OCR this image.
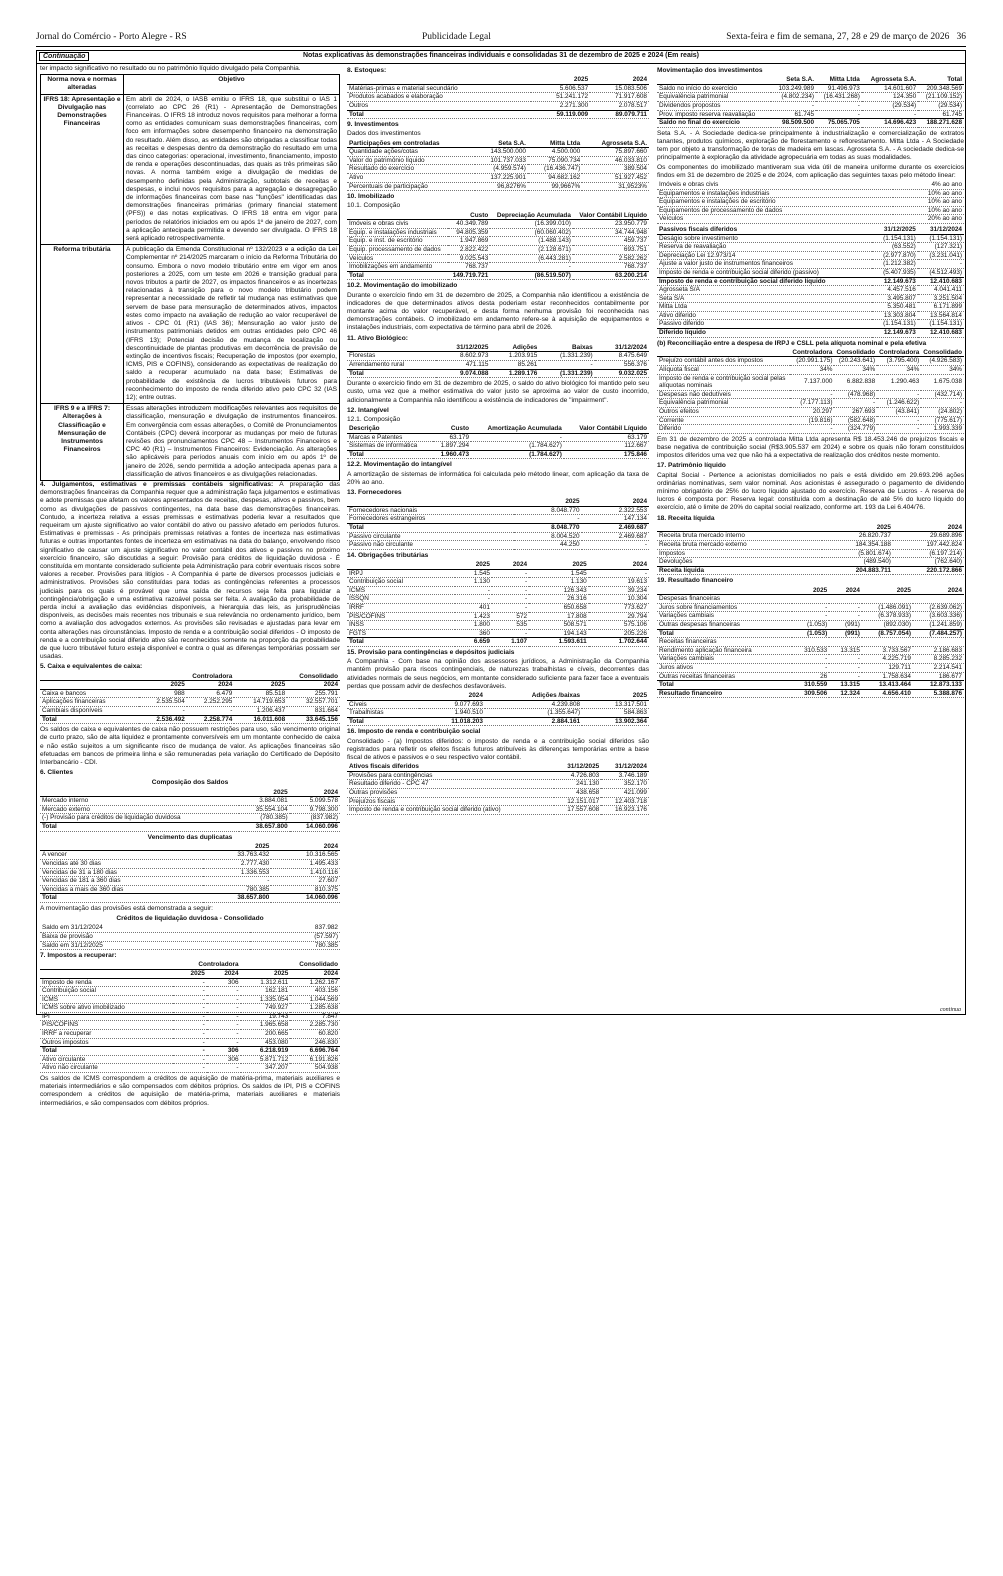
Jornal do Comércio - Porto Alegre - RS	Publicidade Legal	Sexta-feira e fim de semana, 27, 28 e 29 de março de 2026 36
Continuação	Notas explicativas às demonstrações financeiras individuais e consolidadas 31 de dezembro de 2025 e 2024 (Em reais)

ter impacto significativo no resultado ou no patrimônio líquido divulgado pela Companhia.

Norma nova e normas alteradas	Objetivo
IFRS 18: Apresentação e Divulgação nas Demonstrações Financeiras	Em abril de 2024, o IASB emitiu o IFRS 18, que substitui o IAS 1 (correlato ao CPC 26 (R1) - Apresentação de Demonstrações Financeiras. O IFRS 18 introduz novos requisitos para melhorar a forma como as entidades comunicam suas demonstrações financeiras, com foco em informações sobre desempenho financeiro na demonstração do resultado. Além disso, as entidades são obrigadas a classificar todas as receitas e despesas dentro da demonstração do resultado em uma das cinco categorias: operacional, investimento, financiamento, imposto de renda e operações descontinuadas, das quais as três primeiras são novas. A norma também exige a divulgação de medidas de desempenho definidas pela Administração, subtotais de receitas e despesas, e inclui novos requisitos para a agregação e desagregação de informações financeiras com base nas "funções" identificadas das demonstrações financeiras primárias (primary financial statement (PFS)) e das notas explicativas. O IFRS 18 entra em vigor para períodos de relatórios iniciados em ou após 1º de janeiro de 2027, com a aplicação antecipada permitida e devendo ser divulgada. O IFRS 18 será aplicado retrospectivamente.
Reforma tributária	A publicação da Emenda Constitucional nº 132/2023 e a edição da Lei Complementar nº 214/2025 marcaram o início da Reforma Tributária do consumo. Embora o novo modelo tributário entre em vigor em anos posteriores a 2025, com um teste em 2026 e transição gradual para novos tributos a partir de 2027, os impactos financeiros e as incertezas relacionadas à transição para o novo modelo tributário podem representar a necessidade de refletir tal mudança nas estimativas que servem de base para mensuração de determinados ativos, impactos estes como impacto na avaliação de redução ao valor recuperável de ativos - CPC 01 (R1) (IAS 36); Mensuração ao valor justo de instrumentos patrimoniais detidos em outras entidades pelo CPC 46 (IFRS 13); Potencial decisão de mudança de localização ou descontinuidade de plantas produtivas em decorrência de previsão de extinção de incentivos fiscais; Recuperação de impostos (por exemplo, ICMS, PIS e COFINS), considerando as expectativas de realização do saldo a recuperar acumulado na data base; Estimativas de probabilidade de existência de lucros tributáveis futuros para reconhecimento do imposto de renda diferido ativo pelo CPC 32 (IAS 12); entre outras.
IFRS 9 e a IFRS 7: Alterações à Classificação e Mensuração de Instrumentos Financeiros	Essas alterações introduzem modificações relevantes aos requisitos de classificação, mensuração e divulgação de instrumentos financeiros. Em convergência com essas alterações, o Comitê de Pronunciamentos Contábeis (CPC) deverá incorporar as mudanças por meio de futuras revisões dos pronunciamentos CPC 48 – Instrumentos Financeiros e CPC 40 (R1) – Instrumentos Financeiros: Evidenciação. As alterações são aplicáveis para períodos anuais com início em ou após 1º de janeiro de 2026, sendo permitida a adoção antecipada apenas para a classificação de ativos financeiros e as divulgações relacionadas.

4. Julgamentos, estimativas e premissas contábeis significativas: A preparação das demonstrações financeiras da Companhia requer que a administração faça julgamentos e estimativas e adote premissas que afetam os valores apresentados de receitas, despesas, ativos e passivos, bem como as divulgações de passivos contingentes, na data base das demonstrações financeiras. Contudo, a incerteza relativa a essas premissas e estimativas poderia levar a resultados que requeiram um ajuste significativo ao valor contábil do ativo ou passivo afetado em períodos futuros. Estimativas e premissas - As principais premissas relativas a fontes de incerteza nas estimativas futuras e outras importantes fontes de incerteza em estimativas na data do balanço, envolvendo risco significativo de causar um ajuste significativo no valor contábil dos ativos e passivos no próximo exercício financeiro, são discutidas a seguir: Provisão para créditos de liquidação duvidosa - É constituída em montante considerado suficiente pela Administração para cobrir eventuais riscos sobre valores a receber. Provisões para litígios - A Companhia é parte de diversos processos judiciais e administrativos. Provisões são constituídas para todas as contingências referentes a processos judiciais para os quais é provável que uma saída de recursos seja feita para liquidar a contingência/obrigação e uma estimativa razoável possa ser feita. A avaliação da probabilidade de perda inclui a avaliação das evidências disponíveis, a hierarquia das leis, as jurisprudências disponíveis, as decisões mais recentes nos tribunais e sua relevância no ordenamento jurídico, bem como a avaliação dos advogados externos. As provisões são revisadas e ajustadas para levar em conta alterações nas circunstâncias. Imposto de renda e a contribuição social diferidos - O imposto de renda e a contribuição social diferido ativo são reconhecidos somente na proporção da probabilidade de que lucro tributável futuro esteja disponível e contra o qual as diferenças temporárias possam ser usadas.

5. Caixa e equivalentes de caixa:
	Controladora		Consolidado	
	2025	2024	2025	2024
Caixa e bancos	988	6.479	85.518	255.791
Aplicações financeiras	2.535.504	2.252.295	14.719.653	32.557.701
Cambiais disponíveis	-	-	1.206.437	831.664
Total	2.536.492	2.258.774	16.011.608	33.645.156

Os saldos de caixa e equivalentes de caixa não possuem restrições para uso, são vencimento original de curto prazo, são de alta liquidez e prontamente conversíveis em um montante conhecido de caixa e não estão sujeitos a um significante risco de mudança de valor. As aplicações financeiras são efetuadas em bancos de primeira linha e são remuneradas pela variação do Certificado de Depósito Interbancário - CDI.

6. Clientes
Composição dos Saldos
	2025	2024
Mercado interno	3.884.081	5.099.578
Mercado externo	35.554.104	9.798.300
(-) Provisão para créditos de liquidação duvidosa	(780.385)	(837.982)
Total	38.657.800	14.060.096
Vencimento das duplicatas
	2025	2024
A vencer	33.763.432	10.316.565
Vencidas até 30 dias	2.777.430	1.495.433
Vencidas de 31 a 180 dias	1.336.553	1.410.116
Vencidas de 181 a 360 dias	-	27.607
Vencidas a mais de 360 dias	780.385	810.375
Total	38.657.800	14.060.096

A movimentação das provisões está demonstrada a seguir:

Créditos de liquidação duvidosa - Consolidado
Saldo em 31/12/2024	837.982
Baixa de provisão	(57.597)
Saldo em 31/12/2025	780.385
7. Impostos a recuperar:
	Controladora		Consolidado	
	2025	2024	2025	2024
Imposto de renda	-	306	1.312.611	1.262.167
Contribuição social	-	-	162.181	403.156
ICMS	-	-	1.335.054	1.044.569
ICMS sobre ativo imobilizado	-	-	749.927	1.285.638
IPI	-	-	19.743	7.847
PIS/COFINS	-	-	1.965.658	2.285.730
IRRF a recuperar	-	-	200.665	60.820
Outros impostos	-	-	453.080	246.830
Total	-	306	6.218.919	6.696.764
Ativo circulante	-	306	5.871.712	6.191.826
Ativo não circulante	-	-	347.207	504.938

Os saldos de ICMS correspondem a créditos de aquisição de matéria-prima, materiais auxiliares e materiais intermediários e são compensados com débitos próprios. Os saldos de IPI, PIS e COFINS correspondem a créditos de aquisição de matéria-prima, materiais auxiliares e materiais intermediários, e são compensados com débitos próprios.

8. Estoques:
	2025	2024
Matérias-primas e material secundário	5.606.537	15.083.506
Produtos acabados e elaboração	51.241.172	71.917.608
Outros	2.271.300	2.078.517
Total	59.119.009	89.079.711
9. Investimentos

Dados dos investimentos

Participações em controladas	Seta S.A.	Mitta Ltda	Agrosseta S.A.
Quantidade ações/cotas	143.500.000	4.500.000	75.897.660
Valor do patrimônio líquido	101.737.033	75.090.734	46.033.810
Resultado do exercício	(4.959.574)	(16.436.747)	389.504
Ativo	137.225.901	94.682.162	51.927.452
Percentuais de participação	96,8276%	99,9667%	31,9523%
10. Imobilizado

10.1. Composição

	Custo	Depreciação Acumulada	Valor Contábil Líquido
Imóveis e obras civis	40.349.789	(16.399.010)	23.950.779
Equip. e instalações industriais	94.805.359	(60.060.402)	34.744.948
Equip. e inst. de escritório	1.947.869	(1.488.143)	459.737
Equip. processamento de dados	2.822.422	(2.128.671)	693.751
Veículos	9.025.543	(6.443.281)	2.582.262
Imobilizações em andamento	768.737	-	768.737
Total	149.719.721	(86.519.507)	63.200.214
10.2. Movimentação do imobilizado

Durante o exercício findo em 31 de dezembro de 2025, a Companhia não identificou a existência de indicadores de que determinados ativos desta poderiam estar reconhecidos contabilmente por montante acima do valor recuperável, e desta forma nenhuma provisão foi reconhecida nas demonstrações contábeis. O imobilizado em andamento refere-se à aquisição de equipamentos e instalações industriais, com expectativa de término para abril de 2026.

11. Ativo Biológico:
	31/12/2025	Adições	Baixas	31/12/2024
Florestas	8.602.973	1.203.915	(1.331.239)	8.475.649
Arrendamento rural	471.115	85.261	-	556.376
Total	9.074.088	1.289.176	(1.331.239)	9.032.025

Durante o exercício findo em 31 de dezembro de 2025, o saldo do ativo biológico foi mantido pelo seu custo, uma vez que a melhor estimativa do valor justo se aproxima ao valor de custo incorrido, adicionalmente a Companhia não identificou a existência de indicadores de "impairment".

12. Intangível

12.1. Composição

Descrição	Custo	Amortização Acumulada	Valor Contábil Líquido
Marcas e Patentes	63.179	-	63.179
Sistemas de informática	1.897.294	(1.784.627)	112.667
Total	1.960.473	(1.784.627)	175.846
12.2. Movimentação do intangível

A amortização de sistemas de informática foi calculada pelo método linear, com aplicação da taxa de 20% ao ano.

13. Fornecedores
	2025	2024
Fornecedores nacionais	8.048.770	2.322.553
Fornecedores estrangeiros	-	147.134
Total	8.048.770	2.469.687
Passivo circulante	8.004.520	2.469.687
Passivo não circulante	44.250	-
14. Obrigações tributárias
	2025	2024	2025	2024
IRPJ	1.545	-	1.545	-
Contribuição social	1.130	-	1.130	19.613
ICMS	-	-	126.343	39.234
ISSQN	-	-	26.316	10.304
IRRF	401	-	650.658	773.627
PIS/COFINS	1.423	572	17.808	29.794
INSS	1.800	535	508.571	575.106
FGTS	360	-	194.143	205.226
Total	6.659	1.107	1.593.611	1.702.644
15. Provisão para contingências e depósitos judiciais

A Companhia - Com base na opinião dos assessores jurídicos, a Administração da Companhia mantém provisão para riscos contingenciais, de naturezas trabalhistas e cíveis, decorrentes das atividades normais de seus negócios, em montante considerado suficiente para fazer face a eventuais perdas que possam advir de desfechos desfavoráveis.

	2024	Adições /baixas	2025
Cíveis	9.077.693	4.239.808	13.317.501
Trabalhistas	1.940.510	(1.355.647)	584.863
Total	11.018.203	2.884.161	13.902.364
16. Imposto de renda e contribuição social

Consolidado - (a) Impostos diferidos: o imposto de renda e a contribuição social diferidos são registrados para refletir os efeitos fiscais futuros atribuíveis às diferenças temporárias entre a base fiscal de ativos e passivos e o seu respectivo valor contábil.

Ativos fiscais diferidos	31/12/2025	31/12/2024
Provisões para contingências	4.726.803	3.746.189
Resultado diferido - CPC 47	241.130	352.170
Outras provisões	438.658	421.099
Prejuízos fiscais	12.151.017	12.403.718
Imposto de renda e contribuição social diferido (ativo)	17.557.608	16.923.176
Movimentação dos investimentos
	Seta S.A.	Mitta Ltda	Agrosseta S.A.	Total
Saldo no início do exercício	103.249.989	91.496.973	14.601.607	209.348.569
Equivalência patrimonial	(4.802.234)	(16.431.268)	124.350	(21.109.152)
Dividendos propostos	-	-	(29.534)	(29.534)
Prov. imposto reserva reavaliação	61.745	-	-	61.745
Saldo no final do exercício	98.509.500	75.065.705	14.696.423	188.271.628

Seta S.A. - A Sociedade dedica-se principalmente à industrialização e comercialização de extratos tanantes, produtos químicos, exploração de florestamento e reflorestamento. Mitta Ltda - A Sociedade tem por objeto a transformação de toras de madeira em lascas. Agrosseta S.A. - A sociedade dedica-se principalmente à exploração da atividade agropecuária em todas as suas modalidades.

Os componentes do imobilizado mantiveram sua vida útil de maneira uniforme durante os exercícios findos em 31 de dezembro de 2025 e de 2024, com aplicação das seguintes taxas pelo método linear:

Imóveis e obras civis	4% ao ano
Equipamentos e instalações industriais	10% ao ano
Equipamentos e instalações de escritório	10% ao ano
Equipamentos de processamento de dados	10% ao ano
Veículos	20% ao ano
Passivos fiscais diferidos	31/12/2025	31/12/2024
Deságio sobre investimento	(1.154.131)	(1.154.131)
Reserva de reavaliação	(63.552)	(127.321)
Depreciação Lei 12.973/14	(2.977.870)	(3.231.041)
Ajuste a valor justo de instrumentos financeiros	(1.212.382)	-
Imposto de renda e contribuição social diferido (passivo)	(5.407.935)	(4.512.493)
Imposto de renda e contribuição social diferido líquido	12.149.673	12.410.683
Agrosseta S/A	4.457.516	4.041.411
Seta S/A	3.495.807	3.251.504
Mitta Ltda	5.350.481	6.171.899
Ativo diferido	13.303.804	13.564.814
Passivo diferido	(1.154.131)	(1.154.131)
Diferido líquido	12.149.673	12.410.683
(b) Reconciliação entre a despesa de IRPJ e CSLL pela alíquota nominal e pela efetiva
	Controladora	Consolidado	Controladora	Consolidado
Prejuízo contábil antes dos impostos	(20.991.175)	(20.243.641)	(3.795.400)	(4.926.583)
Alíquota fiscal	34%	34%	34%	34%
Imposto de renda e contribuição social pelas alíquotas nominais	7.137.000	6.882.838	1.290.463	1.675.038
Despesas não dedutíveis	-	(478.968)	-	(432.714)
Equivalência patrimonial	(7.177.113)	-	(1.246.622)	-
Outros efeitos	20.297	267.693	(43.841)	(24.802)
Corrente	(19.816)	(582.648)	-	(775.617)
Diferido	-	(324.779)	-	1.993.339

Em 31 de dezembro de 2025 a controlada Mitta Ltda apresenta R$ 18.453.246 de prejuízos fiscais e base negativa de contribuição social (R$3.905.537 em 2024) e sobre os quais não foram constituídos impostos diferidos uma vez que não há a expectativa de realização dos créditos neste momento.

17. Patrimônio líquido

Capital Social - Pertence a acionistas domiciliados no país e está dividido em 29.693.296 ações ordinárias nominativas, sem valor nominal. Aos acionistas é assegurado o pagamento de dividendo mínimo obrigatório de 25% do lucro líquido ajustado do exercício. Reserva de Lucros - A reserva de lucros é composta por: Reserva legal: constituída com a destinação de até 5% do lucro líquido do exercício, até o limite de 20% do capital social realizado, conforme art. 193 da Lei 6.404/76.

18. Receita líquida
	2025	2024
Receita bruta mercado interno	26.820.737	29.689.896
Receita bruta mercado externo	184.354.188	197.442.824
Impostos	(5.801.674)	(6.197.214)
Devoluções	(489.540)	(762.640)
Receita líquida	204.883.711	220.172.866
19. Resultado financeiro
	2025	2024	2025	2024
Despesas financeiras				
Juros sobre financiamentos	-	-	(1.486.091)	(2.639.062)
Variações cambiais	-	-	(6.378.933)	(3.603.336)
Outras despesas financeiras	(1.053)	(991)	(892.030)	(1.241.859)
Total	(1.053)	(991)	(8.757.054)	(7.484.257)
Receitas financeiras				
Rendimento aplicação financeira	310.533	13.315	3.733.567	2.186.683
Variações cambiais	-	-	4.225.719	8.285.232
Juros ativos	-	-	129.711	2.214.541
Outras receitas financeiras	26	-	1.758.634	186.677
Total	310.559	13.315	13.413.464	12.873.133
Resultado financeiro	309.506	12.324	4.656.410	5.388.876
continua
